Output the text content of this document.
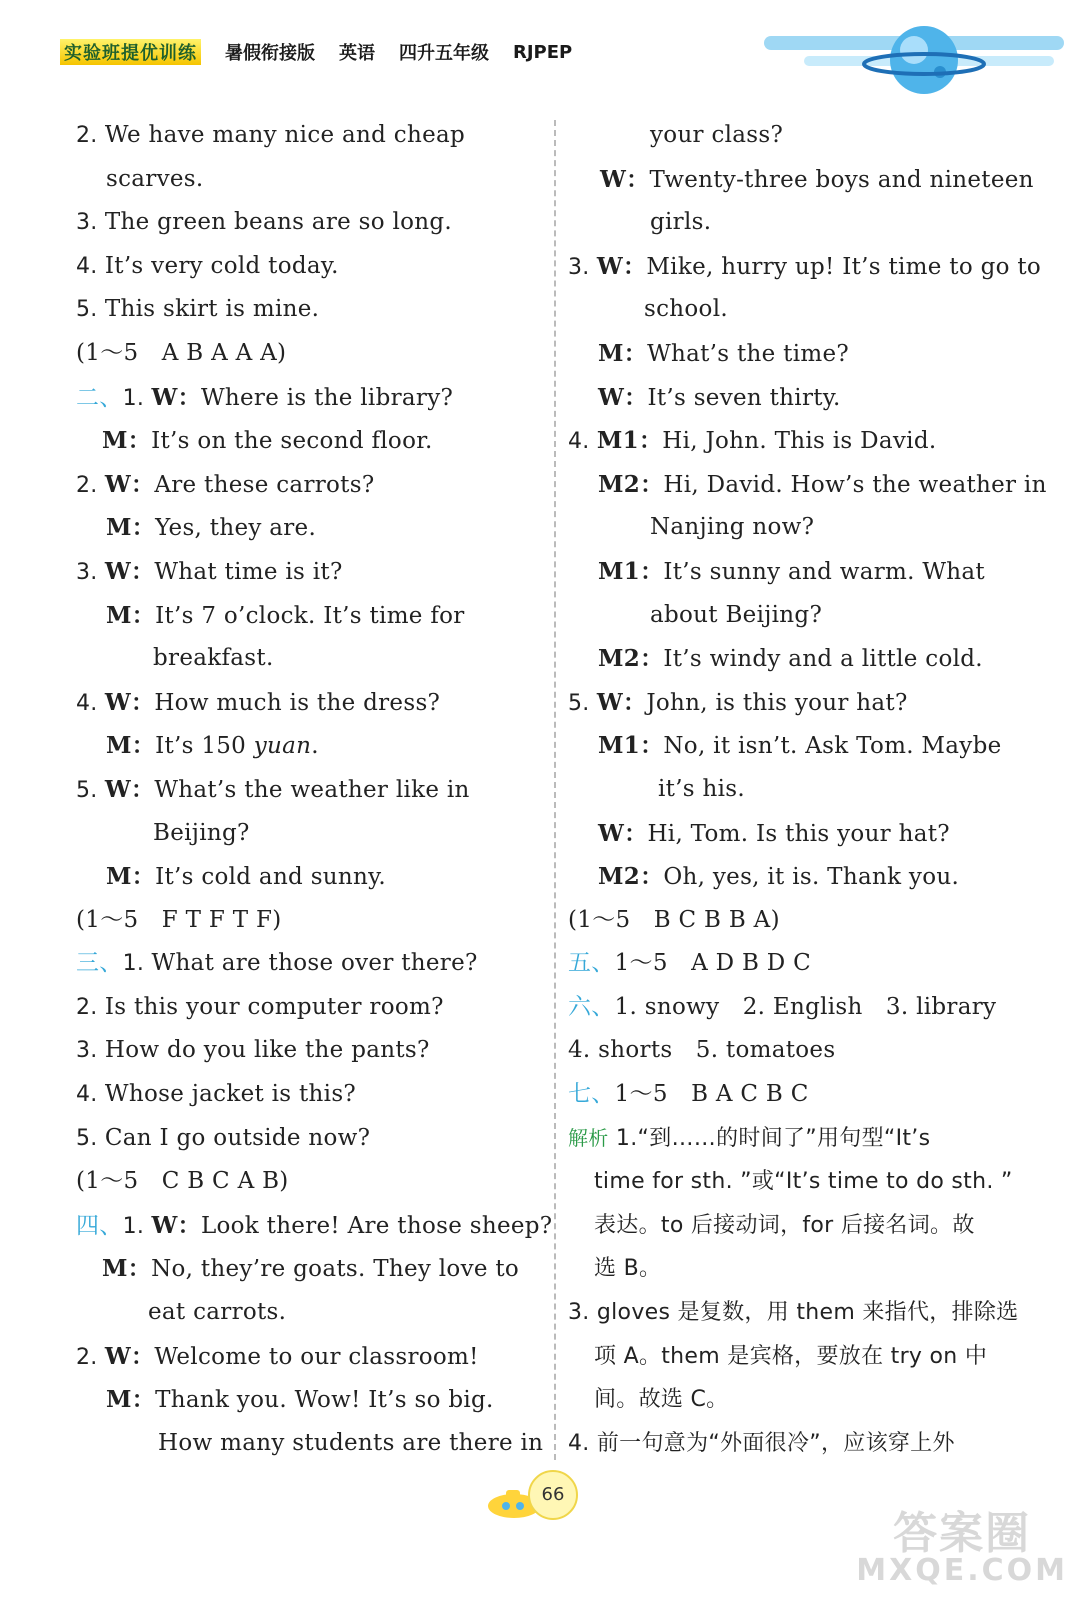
实验班提优训练 暑假衔接版 英语 四升五年级 RJPEP
2. We have many nice and cheap
scarves.
3. The green beans are so long.
4. It’s very cold today.
5. This skirt is mine.
(1～5　A B A A A)
二、1. W：Where is the library?
M：It’s on the second floor.
2. W：Are these carrots?
M：Yes, they are.
3. W：What time is it?
M：It’s 7 o’clock. It’s time for
breakfast.
4. W：How much is the dress?
M：It’s 150 yuan.
5. W：What’s the weather like in
Beijing?
M：It’s cold and sunny.
(1～5　F T F T F)
三、1. What are those over there?
2. Is this your computer room?
3. How do you like the pants?
4. Whose jacket is this?
5. Can I go outside now?
(1～5　C B C A B)
四、1. W：Look there! Are those sheep?
M：No, they’re goats. They love to
eat carrots.
2. W：Welcome to our classroom!
M：Thank you. Wow! It’s so big.
How many students are there in
your class?
W：Twenty-three boys and nineteen
girls.
3. W：Mike, hurry up! It’s time to go to
school.
M：What’s the time?
W：It’s seven thirty.
4. M1：Hi, John. This is David.
M2：Hi, David. How’s the weather in
Nanjing now?
M1：It’s sunny and warm. What
about Beijing?
M2：It’s windy and a little cold.
5. W：John, is this your hat?
M1：No, it isn’t. Ask Tom. Maybe
it’s his.
W：Hi, Tom. Is this your hat?
M2：Oh, yes, it is. Thank you.
(1～5　B C B B A)
五、1～5　A D B D C
六、1. snowy　2. English　3. library
4. shorts　5. tomatoes
七、1～5　B A C B C
解析 1.“到……的时间了”用句型“It’s
time for sth. ”或“It’s time to do sth. ”
表达。to 后接动词，for 后接名词。故
选 B。
3. gloves 是复数，用 them 来指代，排除选
项 A。them 是宾格，要放在 try on 中
间。故选 C。
4. 前一句意为“外面很冷”，应该穿上外
66
答案圈
MXQE.COM
